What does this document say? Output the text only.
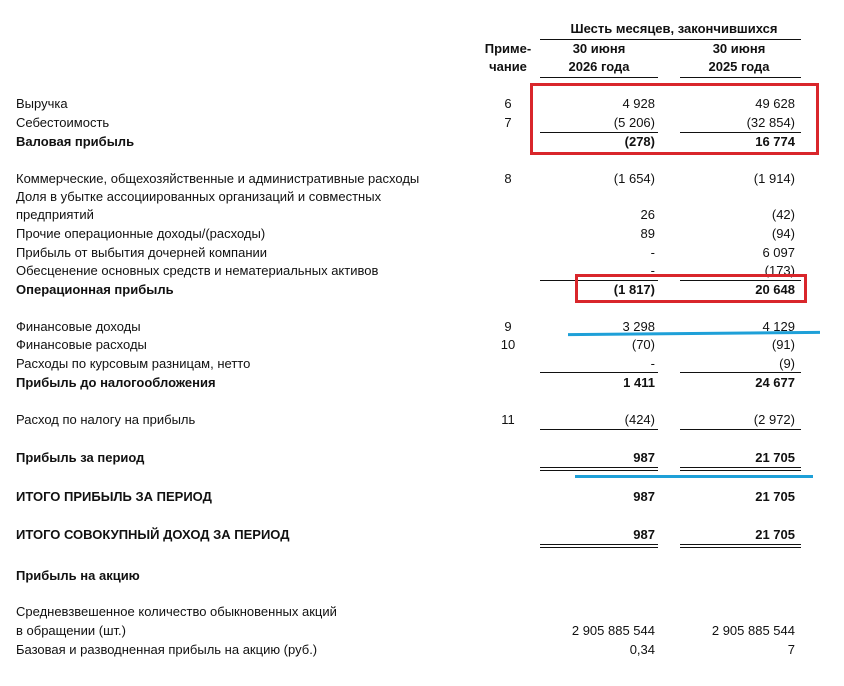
Шесть месяцев, закончившихся
Приме-
чание
30 июня
2026 года
30 июня
2025 года
Выручка	6	4 928	49 628
Себестоимость	7	(5 206)	(32 854)
Валовая прибыль	(278)	16 774
Коммерческие, общехозяйственные и административные расходы	8	(1 654)	(1 914)
Доля в убытке ассоциированных организаций и совместных
предприятий	26	(42)
Прочие операционные доходы/(расходы)	89	(94)
Прибыль от выбытия дочерней компании	-	6 097
Обесценение основных средств и нематериальных активов	-	(173)
Операционная прибыль	(1 817)	20 648
Финансовые доходы	9	3 298	4 129
Финансовые расходы	10	(70)	(91)
Расходы по курсовым разницам, нетто	-	(9)
Прибыль до налогообложения	1 411	24 677
Расход по налогу на прибыль	11	(424)	(2 972)
Прибыль за период	987	21 705
ИТОГО ПРИБЫЛЬ ЗА ПЕРИОД	987	21 705
ИТОГО СОВОКУПНЫЙ ДОХОД ЗА ПЕРИОД	987	21 705
Прибыль на акцию
Средневзвешенное количество обыкновенных акций
в обращении (шт.)	2 905 885 544	2 905 885 544
Базовая и разводненная прибыль на акцию (руб.)	0,34	7
